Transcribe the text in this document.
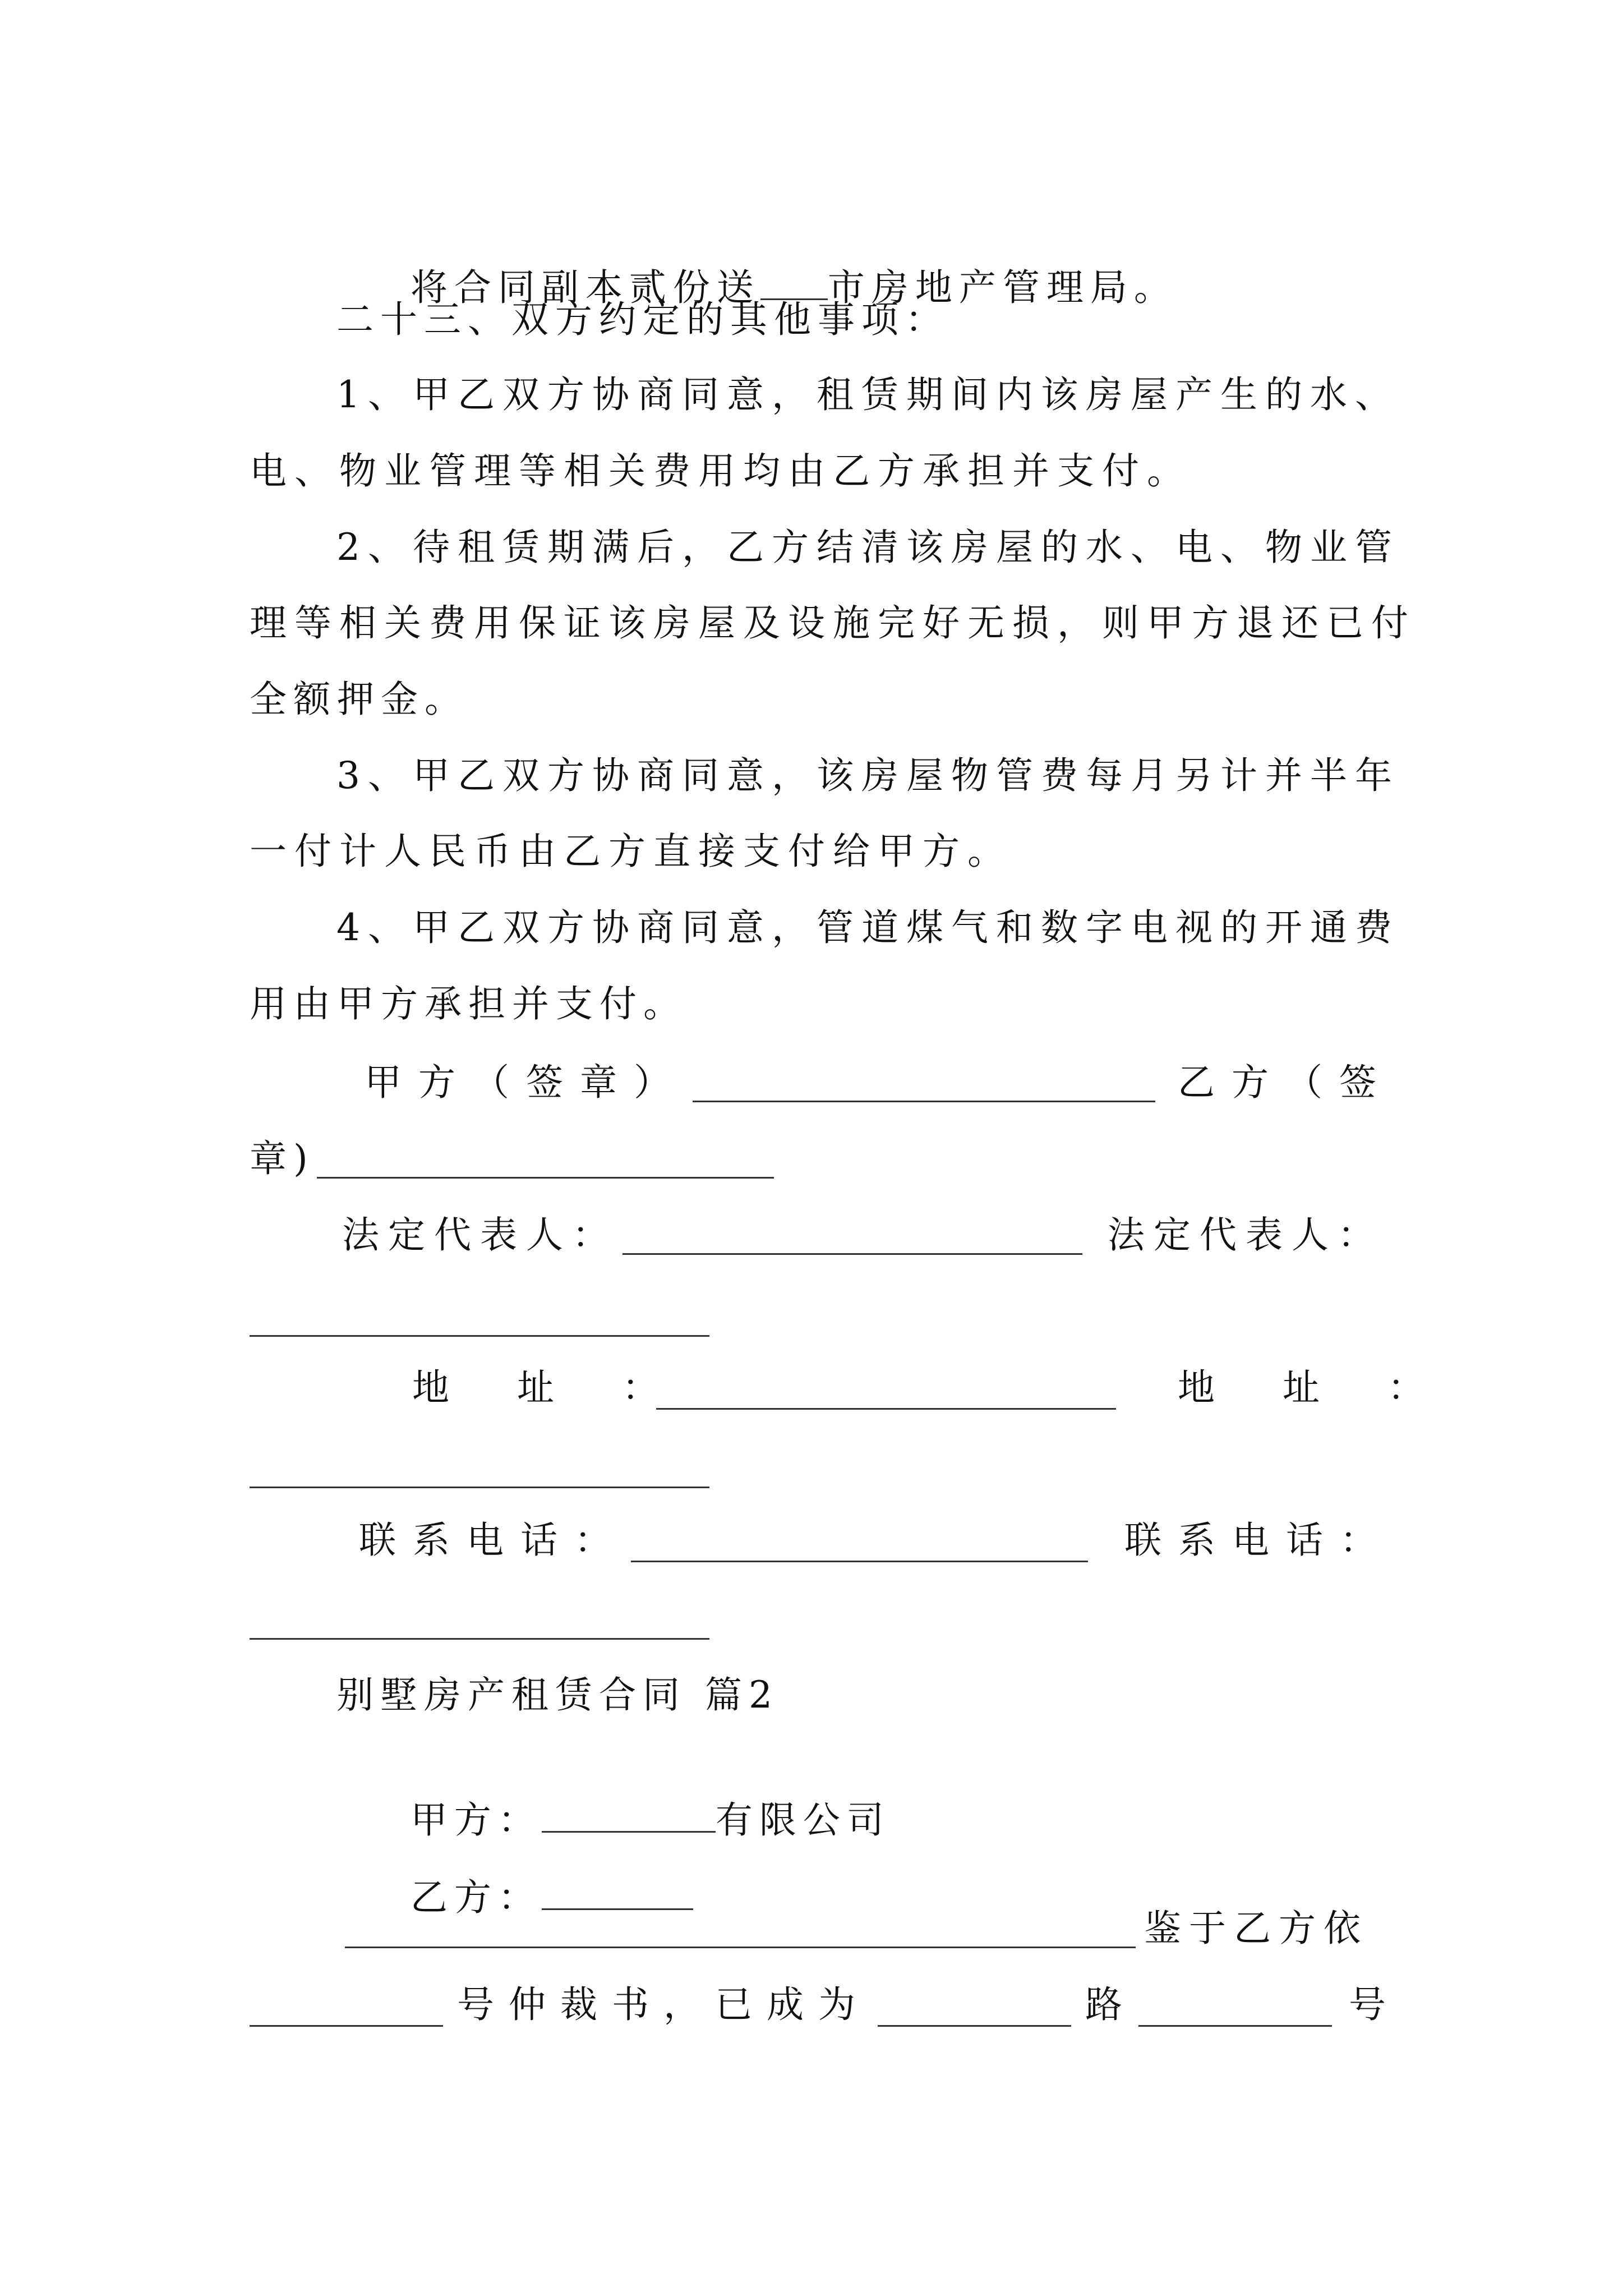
将合同副本贰份送 市房地产管理局。

二十三、双方约定的其他事项：
1、甲乙双方协商同意，租赁期间内该房屋产生的水、
电、物业管理等相关费用均由乙方承担并支付。
2、待租赁期满后，乙方结清该房屋的水、电、物业管
理等相关费用保证该房屋及设施完好无损，则甲方退还已付
全额押金。
3、甲乙双方协商同意，该房屋物管费每月另计并半年
一付计人民币由乙方直接支付给甲方。
4、甲乙双方协商同意，管道煤气和数字电视的开通费
用由甲方承担并支付。
甲方（签章）	乙方（签
章)
法定代表人：	法定代表人：
地 址 ：	地 址 ：
联系电话：	联系电话：
别墅房产租赁合同 篇2

甲方：	有限公司

乙方：

鉴于乙方依
号仲裁书，已成为	路	号
